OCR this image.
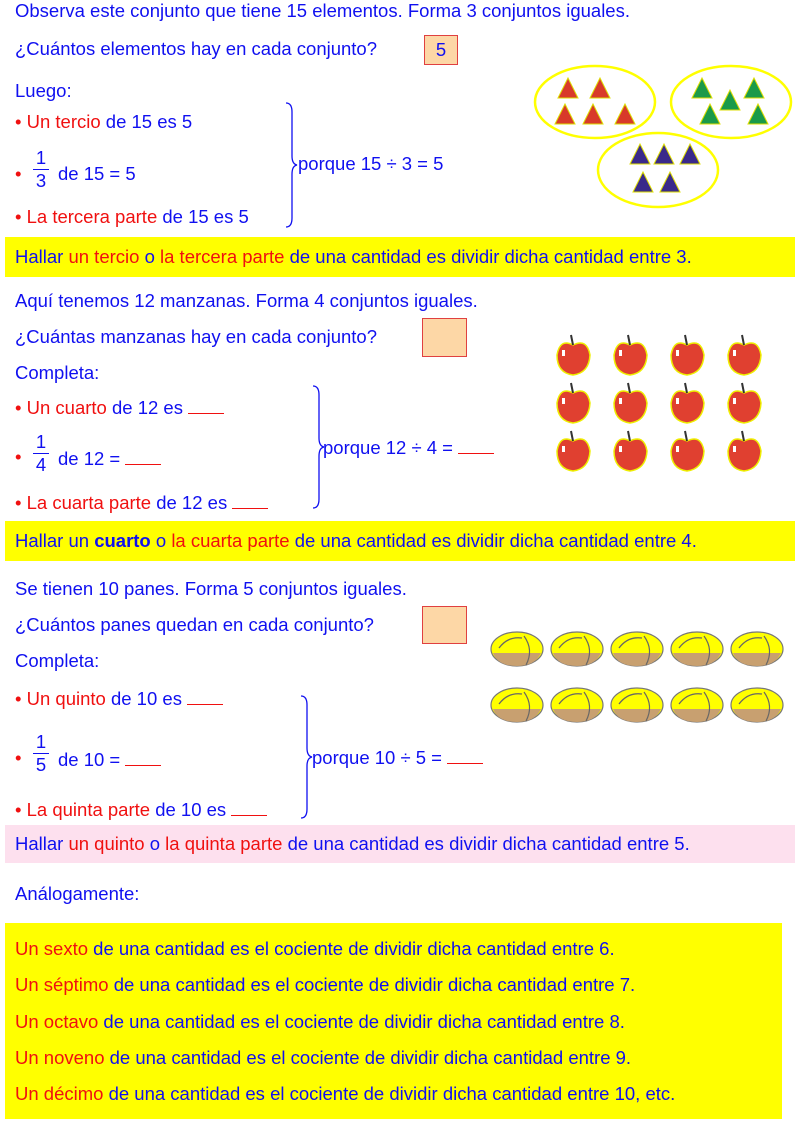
Observa este conjunto que tiene 15 elementos. Forma 3 conjuntos iguales.
¿Cuántos elementos hay en cada conjunto?	5
Luego:
• Un tercio de 15 es 5
• $\frac{1}{3}$ de 15 = 5
• La tercera parte de 15 es 5
porque 15 ÷ 3 = 5
Hallar un tercio o la tercera parte de una cantidad es dividir dicha cantidad entre 3.
Aquí tenemos 12 manzanas. Forma 4 conjuntos iguales.
¿Cuántas manzanas hay en cada conjunto?
Completa:
• Un cuarto de 12 es
• $\frac{1}{4}$ de 12 =
• La cuarta parte de 12 es
porque 12 ÷ 4 =
Hallar un cuarto o la cuarta parte de una cantidad es dividir dicha cantidad entre 4.
Se tienen 10 panes. Forma 5 conjuntos iguales.
¿Cuántos panes quedan en cada conjunto?
Completa:
• Un quinto de 10 es
• $\frac{1}{5}$ de 10 =
• La quinta parte de 10 es
porque 10 ÷ 5 =
Hallar un quinto o la quinta parte de una cantidad es dividir dicha cantidad entre 5.
Análogamente:
Un sexto de una cantidad es el cociente de dividir dicha cantidad entre 6.
Un séptimo de una cantidad es el cociente de dividir dicha cantidad entre 7.
Un octavo de una cantidad es el cociente de dividir dicha cantidad entre 8.
Un noveno de una cantidad es el cociente de dividir dicha cantidad entre 9.
Un décimo de una cantidad es el cociente de dividir dicha cantidad entre 10, etc.
